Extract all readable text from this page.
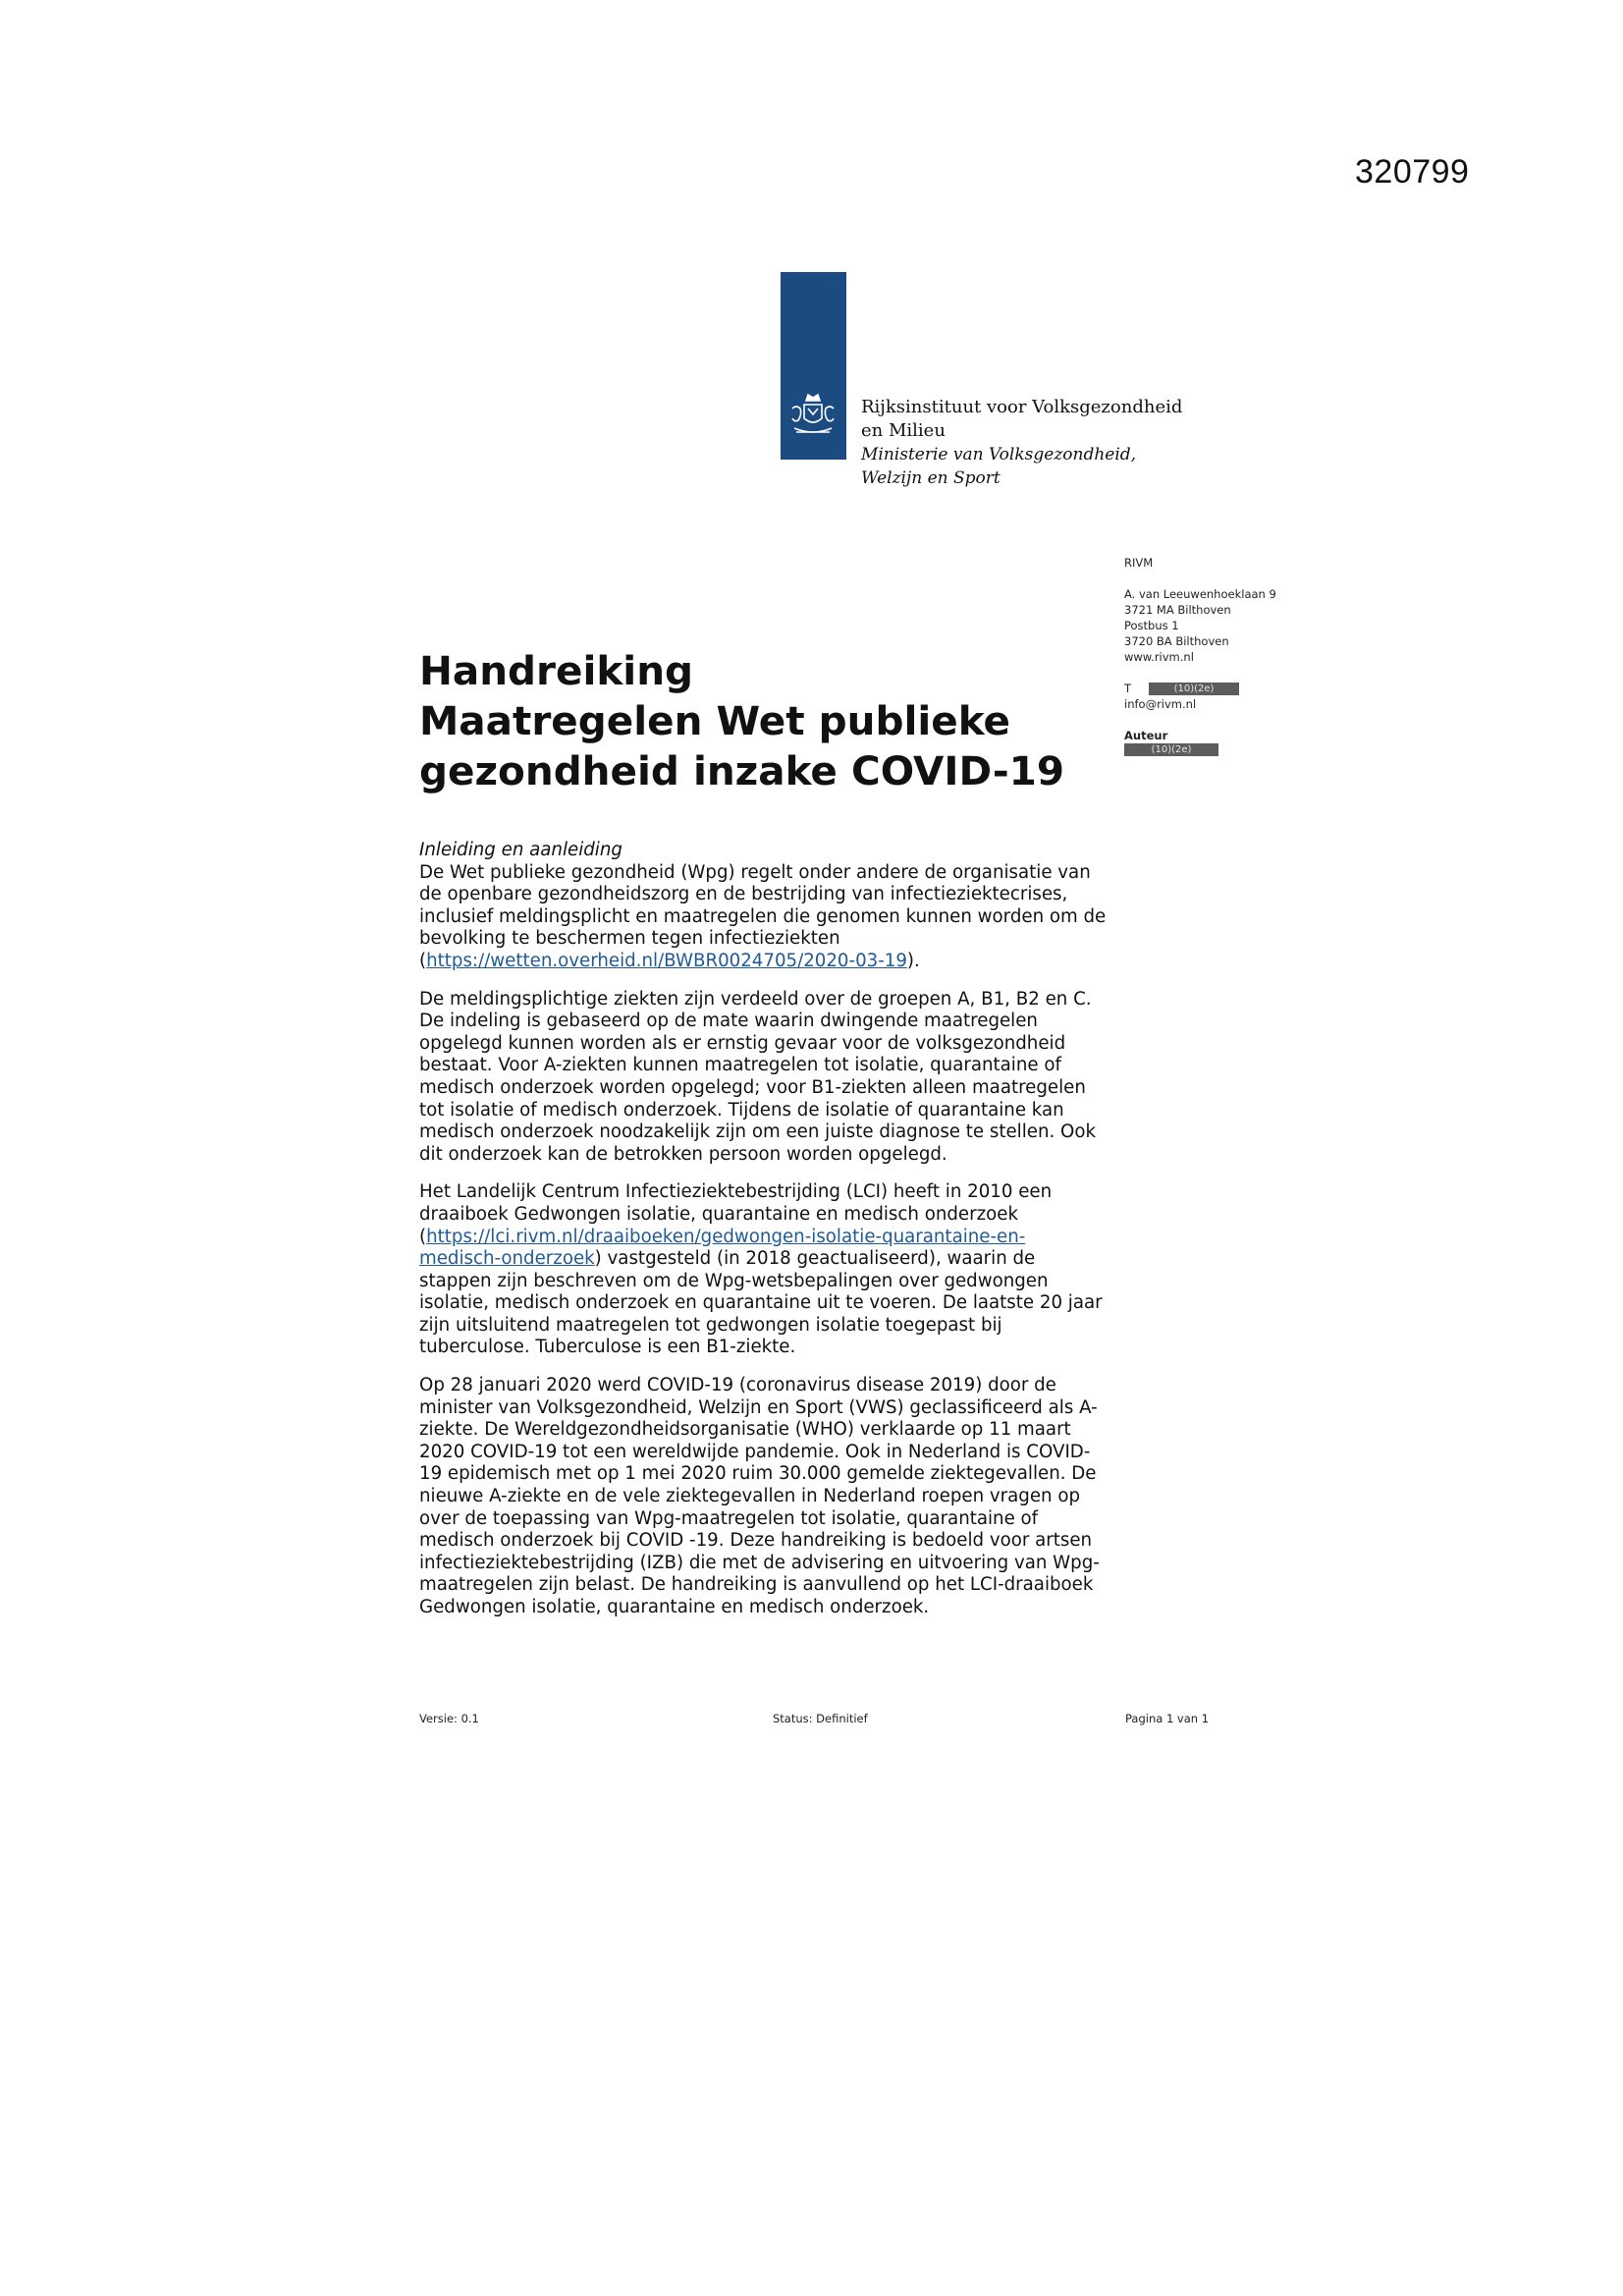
320799
Rijksinstituut voor Volksgezondheid
en Milieu
Ministerie van Volksgezondheid,
Welzijn en Sport
RIVM
A. van Leeuwenhoeklaan 9
3721 MA Bilthoven
Postbus 1
3720 BA Bilthoven
www.rivm.nl
T	(10)(2e)
info@rivm.nl
Auteur
(10)(2e)
Handreiking
Maatregelen Wet publieke
gezondheid inzake COVID-19

Inleiding en aanleiding
De Wet publieke gezondheid (Wpg) regelt onder andere de organisatie van de openbare gezondheidszorg en de bestrijding van infectieziektecrises, inclusief meldingsplicht en maatregelen die genomen kunnen worden om de bevolking te beschermen tegen infectieziekten (https://wetten.overheid.nl/BWBR0024705/2020-03-19).

De meldingsplichtige ziekten zijn verdeeld over de groepen A, B1, B2 en C. De indeling is gebaseerd op de mate waarin dwingende maatregelen opgelegd kunnen worden als er ernstig gevaar voor de volksgezondheid bestaat. Voor A-ziekten kunnen maatregelen tot isolatie, quarantaine of medisch onderzoek worden opgelegd; voor B1-ziekten alleen maatregelen tot isolatie of medisch onderzoek. Tijdens de isolatie of quarantaine kan medisch onderzoek noodzakelijk zijn om een juiste diagnose te stellen. Ook dit onderzoek kan de betrokken persoon worden opgelegd.

Het Landelijk Centrum Infectieziektebestrijding (LCI) heeft in 2010 een draaiboek Gedwongen isolatie, quarantaine en medisch onderzoek (https://lci.rivm.nl/draaiboeken/gedwongen-isolatie-quarantaine-en-medisch-onderzoek) vastgesteld (in 2018 geactualiseerd), waarin de stappen zijn beschreven om de Wpg-wetsbepalingen over gedwongen isolatie, medisch onderzoek en quarantaine uit te voeren. De laatste 20 jaar zijn uitsluitend maatregelen tot gedwongen isolatie toegepast bij tuberculose. Tuberculose is een B1-ziekte.

Op 28 januari 2020 werd COVID-19 (coronavirus disease 2019) door de minister van Volksgezondheid, Welzijn en Sport (VWS) geclassificeerd als A-ziekte. De Wereldgezondheidsorganisatie (WHO) verklaarde op 11 maart 2020 COVID-19 tot een wereldwijde pandemie. Ook in Nederland is COVID-19 epidemisch met op 1 mei 2020 ruim 30.000 gemelde ziektegevallen. De nieuwe A-ziekte en de vele ziektegevallen in Nederland roepen vragen op over de toepassing van Wpg-maatregelen tot isolatie, quarantaine of medisch onderzoek bij COVID -19. Deze handreiking is bedoeld voor artsen infectieziektebestrijding (IZB) die met de advisering en uitvoering van Wpg-maatregelen zijn belast. De handreiking is aanvullend op het LCI-draaiboek Gedwongen isolatie, quarantaine en medisch onderzoek.

Versie: 0.1	Status: Definitief	Pagina 1 van 1
